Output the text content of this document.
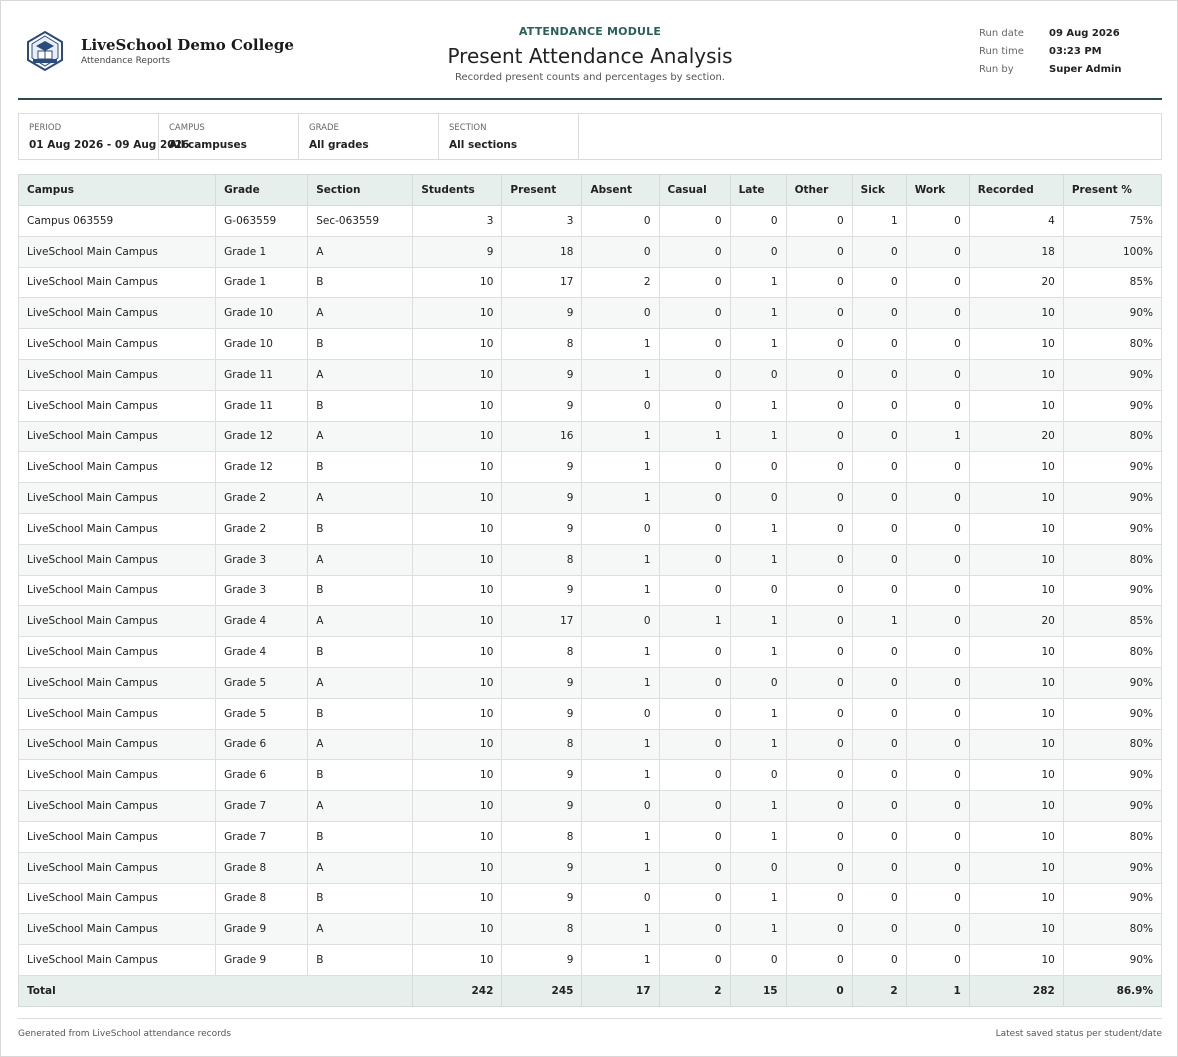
LiveSchool Demo College
Attendance Reports
ATTENDANCE MODULE
Present Attendance Analysis
Recorded present counts and percentages by section.
Run date	09 Aug 2026
Run time	03:23 PM
Run by	Super Admin
PERIOD
01 Aug 2026 - 09 Aug 2026
CAMPUS
All campuses
GRADE
All grades
SECTION
All sections
Campus	Grade	Section	Students	Present	Absent	Casual	Late	Other	Sick	Work	Recorded	Present %
Campus 063559	G-063559	Sec-063559	3	3	0	0	0	0	1	0	4	75%
LiveSchool Main Campus	Grade 1	A	9	18	0	0	0	0	0	0	18	100%
LiveSchool Main Campus	Grade 1	B	10	17	2	0	1	0	0	0	20	85%
LiveSchool Main Campus	Grade 10	A	10	9	0	0	1	0	0	0	10	90%
LiveSchool Main Campus	Grade 10	B	10	8	1	0	1	0	0	0	10	80%
LiveSchool Main Campus	Grade 11	A	10	9	1	0	0	0	0	0	10	90%
LiveSchool Main Campus	Grade 11	B	10	9	0	0	1	0	0	0	10	90%
LiveSchool Main Campus	Grade 12	A	10	16	1	1	1	0	0	1	20	80%
LiveSchool Main Campus	Grade 12	B	10	9	1	0	0	0	0	0	10	90%
LiveSchool Main Campus	Grade 2	A	10	9	1	0	0	0	0	0	10	90%
LiveSchool Main Campus	Grade 2	B	10	9	0	0	1	0	0	0	10	90%
LiveSchool Main Campus	Grade 3	A	10	8	1	0	1	0	0	0	10	80%
LiveSchool Main Campus	Grade 3	B	10	9	1	0	0	0	0	0	10	90%
LiveSchool Main Campus	Grade 4	A	10	17	0	1	1	0	1	0	20	85%
LiveSchool Main Campus	Grade 4	B	10	8	1	0	1	0	0	0	10	80%
LiveSchool Main Campus	Grade 5	A	10	9	1	0	0	0	0	0	10	90%
LiveSchool Main Campus	Grade 5	B	10	9	0	0	1	0	0	0	10	90%
LiveSchool Main Campus	Grade 6	A	10	8	1	0	1	0	0	0	10	80%
LiveSchool Main Campus	Grade 6	B	10	9	1	0	0	0	0	0	10	90%
LiveSchool Main Campus	Grade 7	A	10	9	0	0	1	0	0	0	10	90%
LiveSchool Main Campus	Grade 7	B	10	8	1	0	1	0	0	0	10	80%
LiveSchool Main Campus	Grade 8	A	10	9	1	0	0	0	0	0	10	90%
LiveSchool Main Campus	Grade 8	B	10	9	0	0	1	0	0	0	10	90%
LiveSchool Main Campus	Grade 9	A	10	8	1	0	1	0	0	0	10	80%
LiveSchool Main Campus	Grade 9	B	10	9	1	0	0	0	0	0	10	90%
Total			242	245	17	2	15	0	2	1	282	86.9%
Generated from LiveSchool attendance records	Latest saved status per student/date
